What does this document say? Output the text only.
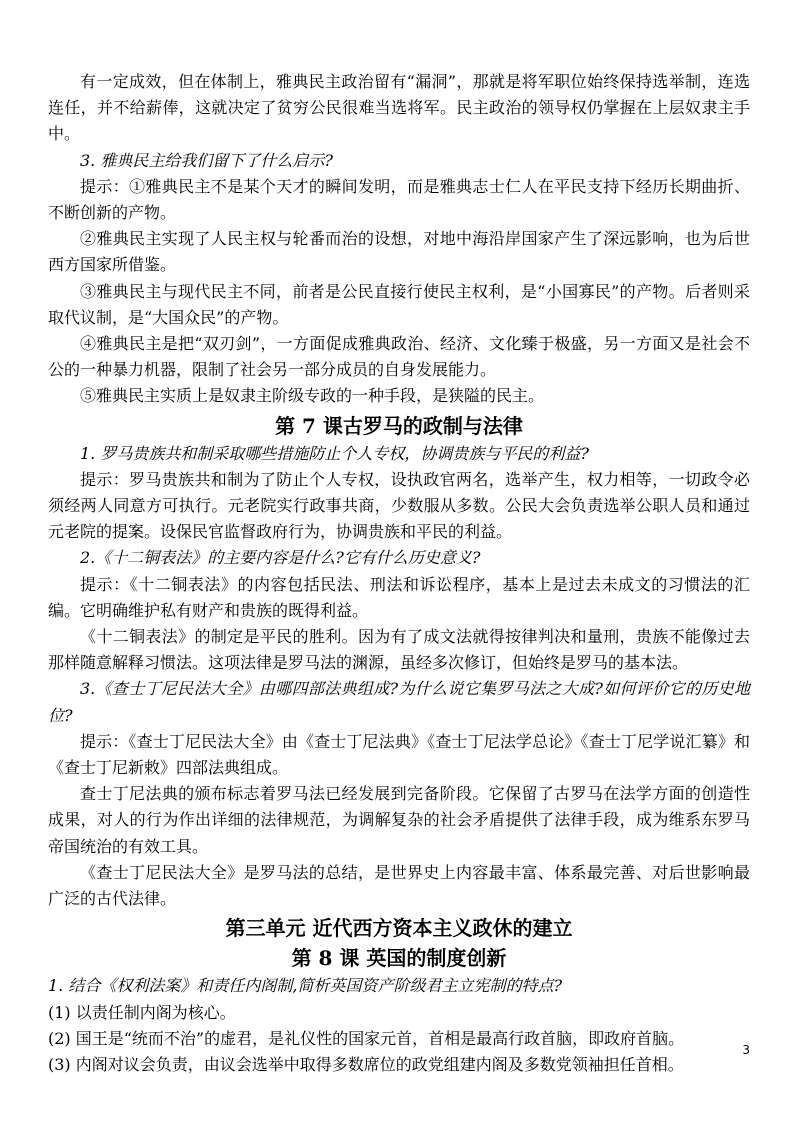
有一定成效，但在体制上，雅典民主政治留有“漏洞”，那就是将军职位始终保持选举制，连选连任，并不给薪俸，这就决定了贫穷公民很难当选将军。民主政治的领导权仍掌握在上层奴隶主手中。

3. 雅典民主给我们留下了什么启示?

提示：①雅典民主不是某个天才的瞬间发明，而是雅典志士仁人在平民支持下经历长期曲折、不断创新的产物。

②雅典民主实现了人民主权与轮番而治的设想，对地中海沿岸国家产生了深远影响，也为后世西方国家所借鉴。

③雅典民主与现代民主不同，前者是公民直接行使民主权利，是“小国寡民”的产物。后者则采取代议制，是“大国众民”的产物。

④雅典民主是把“双刃剑”，一方面促成雅典政治、经济、文化臻于极盛，另一方面又是社会不公的一种暴力机器，限制了社会另一部分成员的自身发展能力。

⑤雅典民主实质上是奴隶主阶级专政的一种手段，是狭隘的民主。

第 7 课古罗马的政制与法律

1. 罗马贵族共和制采取哪些措施防止个人专权，协调贵族与平民的利益?

提示：罗马贵族共和制为了防止个人专权，设执政官两名，选举产生，权力相等，一切政令必须经两人同意方可执行。元老院实行政事共商，少数服从多数。公民大会负责选举公职人员和通过元老院的提案。设保民官监督政府行为，协调贵族和平民的利益。

2.《十二铜表法》的主要内容是什么?它有什么历史意义?

提示：《十二铜表法》的内容包括民法、刑法和诉讼程序，基本上是过去未成文的习惯法的汇编。它明确维护私有财产和贵族的既得利益。

《十二铜表法》的制定是平民的胜利。因为有了成文法就得按律判决和量刑，贵族不能像过去那样随意解释习惯法。这项法律是罗马法的渊源，虽经多次修订，但始终是罗马的基本法。

3.《查士丁尼民法大全》由哪四部法典组成?为什么说它集罗马法之大成?如何评价它的历史地位?

提示：《查士丁尼民法大全》由《查士丁尼法典》《查士丁尼法学总论》《查士丁尼学说汇纂》和《查士丁尼新敕》四部法典组成。

查士丁尼法典的颁布标志着罗马法已经发展到完备阶段。它保留了古罗马在法学方面的创造性成果，对人的行为作出详细的法律规范，为调解复杂的社会矛盾提供了法律手段，成为维系东罗马帝国统治的有效工具。

《查士丁尼民法大全》是罗马法的总结，是世界史上内容最丰富、体系最完善、对后世影响最广泛的古代法律。

第三单元 近代西方资本主义政休的建立
第 8 课 英国的制度创新

1. 结合《权利法案》和责任内阁制,简析英国资产阶级君主立宪制的特点?

(1) 以责任制内阁为核心。

(2) 国王是“统而不治”的虚君，是礼仪性的国家元首，首相是最高行政首脑，即政府首脑。

(3) 内阁对议会负责，由议会选举中取得多数席位的政党组建内阁及多数党领袖担任首相。

3
